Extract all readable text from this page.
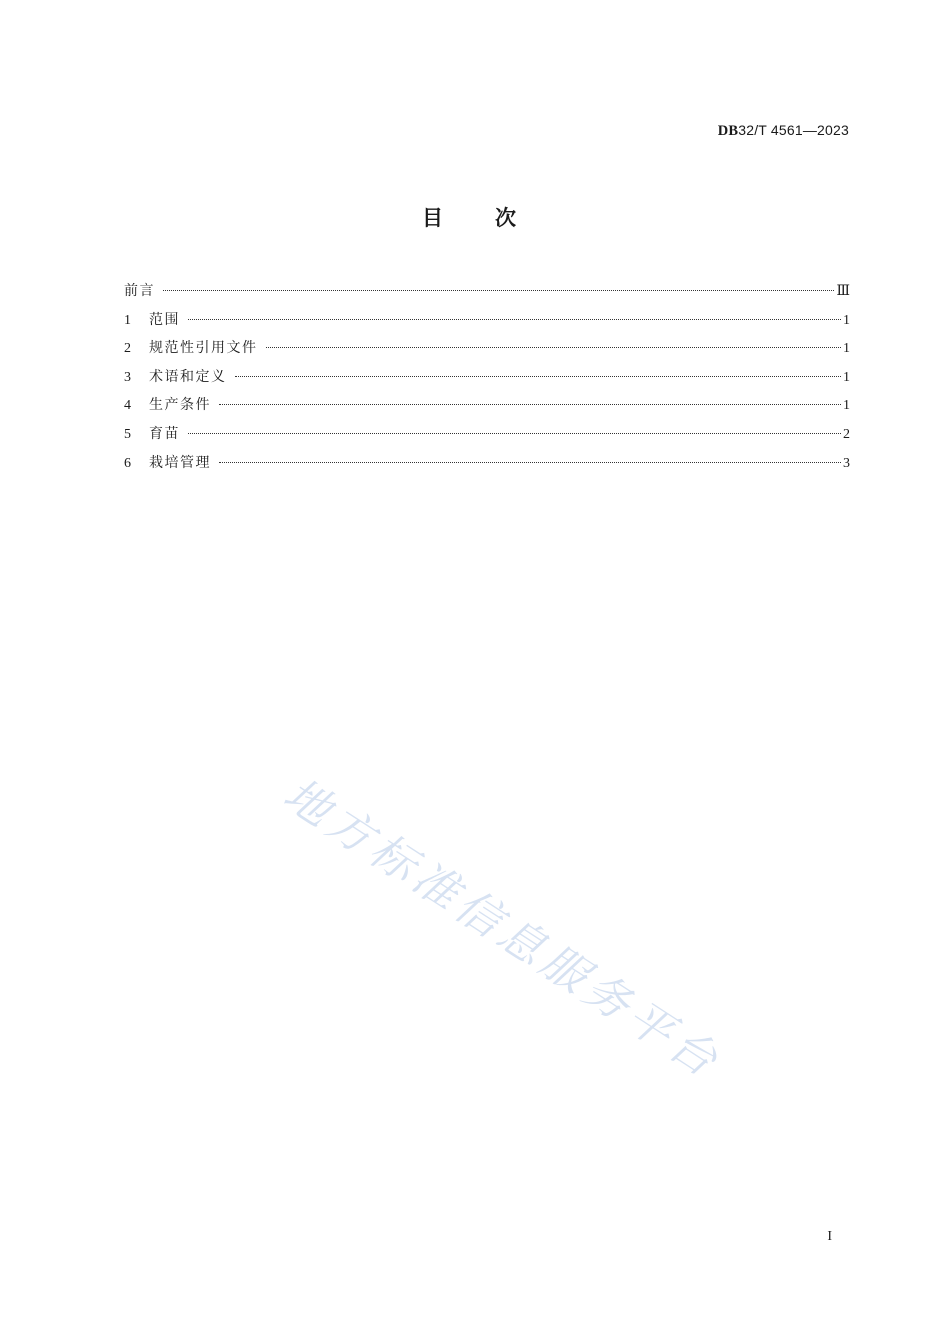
DB32/T 4561—2023
目次
前言	Ⅲ
1	范围	1
2	规范性引用文件	1
3	术语和定义	1
4	生产条件	1
5	育苗	2
6	栽培管理	3
地方标准信息服务平台
I
